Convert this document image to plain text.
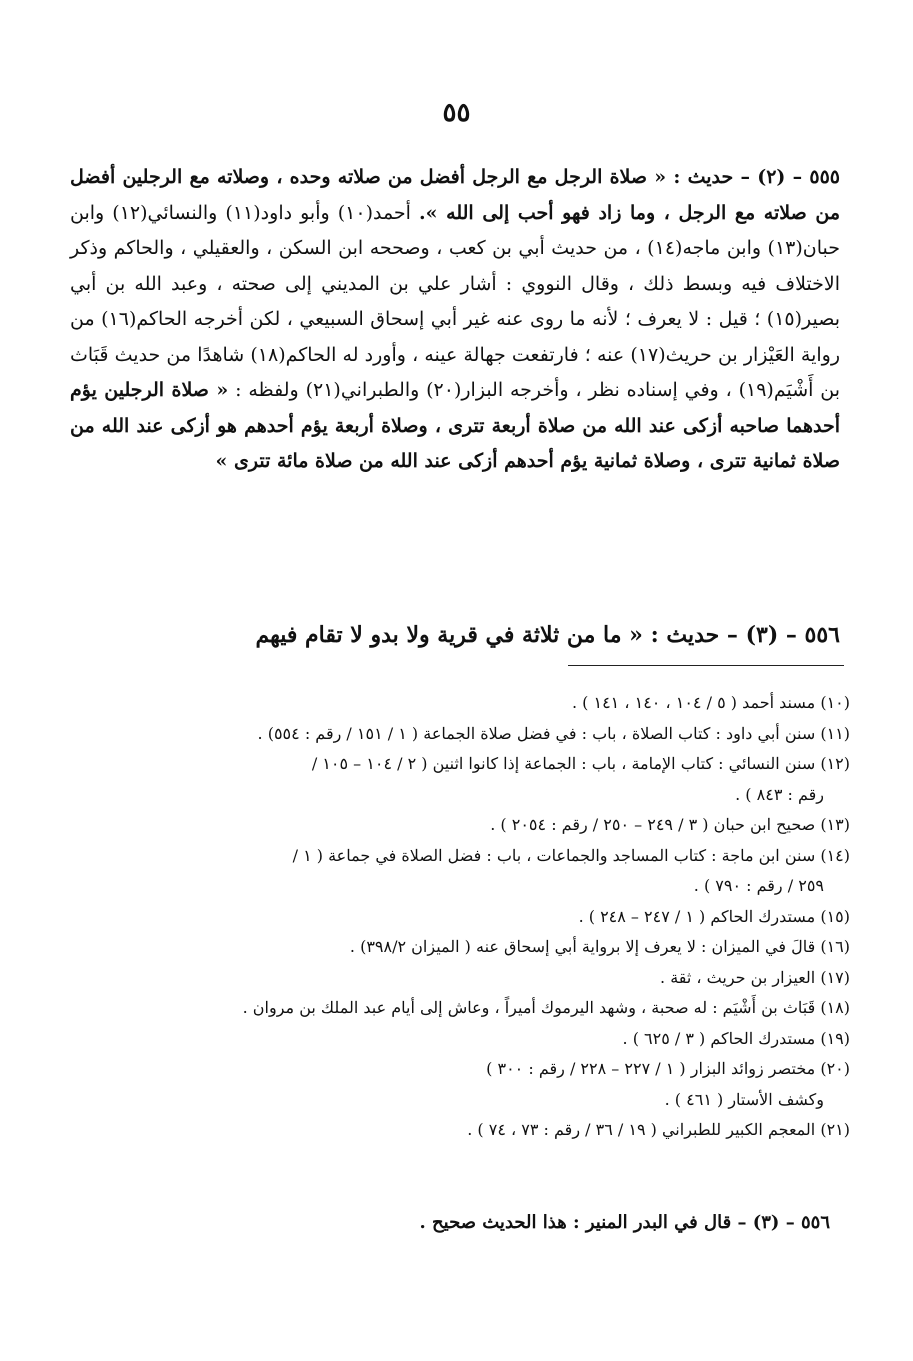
٥٥

٥٥٥ – (٢) – حديث : « صلاة الرجل مع الرجل أفضل من صلاته وحده ، وصلاته مع الرجلين أفضل من صلاته مع الرجل ، وما زاد فهو أحب إلى الله ». أحمد(١٠) وأبو داود(١١) والنسائي(١٢) وابن حبان(١٣) وابن ماجه(١٤) ، من حديث أبي بن كعب ، وصححه ابن السكن ، والعقيلي ، والحاكم وذكر الاختلاف فيه وبسط ذلك ، وقال النووي : أشار علي بن المديني إلى صحته ، وعبد الله بن أبي بصير(١٥) ؛ قيل : لا يعرف ؛ لأنه ما روى عنه غير أبي إسحاق السبيعي ، لكن أخرجه الحاكم(١٦) من رواية العَيْزار بن حريث(١٧) عنه ؛ فارتفعت جهالة عينه ، وأورد له الحاكم(١٨) شاهدًا من حديث قَبَاث بن أَشْيَم(١٩) ، وفي إسناده نظر ، وأخرجه البزار(٢٠) والطبراني(٢١) ولفظه : « صلاة الرجلين يؤم أحدهما صاحبه أزكى عند الله من صلاة أربعة تترى ، وصلاة أربعة يؤم أحدهم هو أزكى عند الله من صلاة ثمانية تترى ، وصلاة ثمانية يؤم أحدهم أزكى عند الله من صلاة مائة تترى »

٥٥٦ – (٣) – حديث : « ما من ثلاثة في قرية ولا بدو لا تقام فيهم

(١٠) مسند أحمد ( ٥ / ١٠٤ ، ١٤٠ ، ١٤١ ) .
(١١) سنن أبي داود : كتاب الصلاة ، باب : في فضل صلاة الجماعة ( ١ / ١٥١ / رقم : ٥٥٤) .
(١٢) سنن النسائي : كتاب الإمامة ، باب : الجماعة إذا كانوا اثنين ( ٢ / ١٠٤ – ١٠٥ /
رقم : ٨٤٣ ) .
(١٣) صحيح ابن حبان ( ٣ / ٢٤٩ – ٢٥٠ / رقم : ٢٠٥٤ ) .
(١٤) سنن ابن ماجة : كتاب المساجد والجماعات ، باب : فضل الصلاة في جماعة ( ١ /
٢٥٩ / رقم : ٧٩٠ ) .
(١٥) مستدرك الحاكم ( ١ / ٢٤٧ – ٢٤٨ ) .
(١٦) قالَ في الميزان : لا يعرف إلا برواية أبي إسحاق عنه ( الميزان ٣٩٨/٢) .
(١٧) العيزار بن حريث ، ثقة .
(١٨) قَبَاث بن أَشْيَم : له صحبة ، وشهد اليرموك أميراً ، وعاش إلى أيام عبد الملك بن مروان .
(١٩) مستدرك الحاكم ( ٣ / ٦٢٥ ) .
(٢٠) مختصر زوائد البزار ( ١ / ٢٢٧ – ٢٢٨ / رقم : ٣٠٠ )
وكشف الأستار ( ٤٦١ ) .
(٢١) المعجم الكبير للطبراني ( ١٩ / ٣٦ / رقم : ٧٣ ، ٧٤ ) .

٥٥٦ – (٣) – قال في البدر المنير : هذا الحديث صحيح .
